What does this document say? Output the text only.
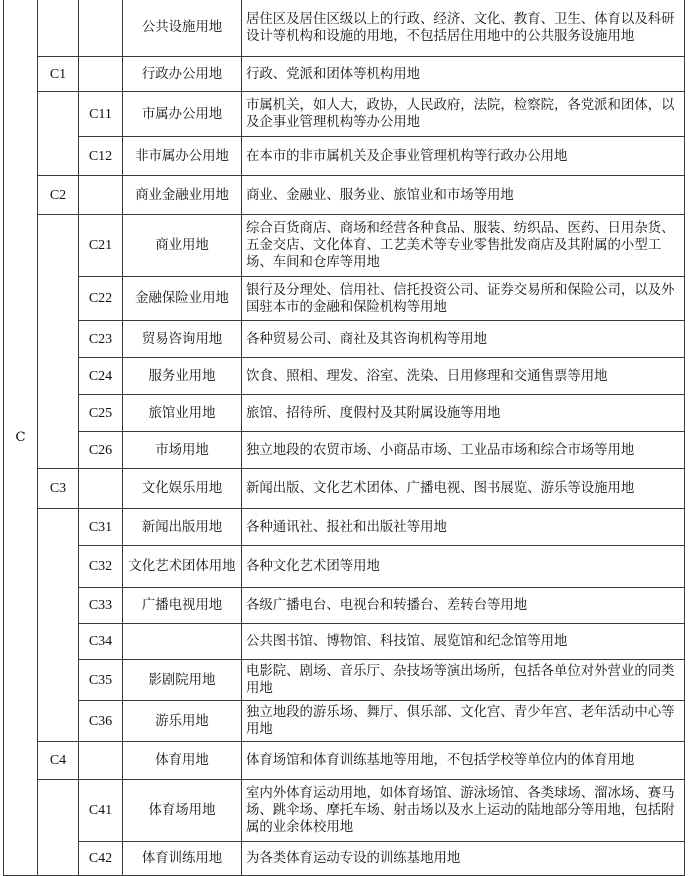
C			公共设施用地	居住区及居住区级以上的行政、经济、文化、教育、卫生、体育以及科研设计等机构和设施的用地，不包括居住用地中的公共服务设施用地
	C1		行政办公用地	行政、党派和团体等机构用地
		C11	市属办公用地	市属机关，如人大，政协，人民政府，法院，检察院，各党派和团体，以及企事业管理机构等办公用地
		C12	非市属办公用地	在本市的非市属机关及企事业管理机构等行政办公用地
	C2		商业金融业用地	商业、金融业、服务业、旅馆业和市场等用地
		C21	商业用地	综合百货商店、商场和经营各种食品、服装、纺织品、医药、日用杂货、五金交店、文化体育、工艺美术等专业零售批发商店及其附属的小型工场、车间和仓库等用地
		C22	金融保险业用地	银行及分理处、信用社、信托投资公司、证券交易所和保险公司，以及外国驻本市的金融和保险机构等用地
		C23	贸易咨询用地	各种贸易公司、商社及其咨询机构等用地
		C24	服务业用地	饮食、照相、理发、浴室、洗染、日用修理和交通售票等用地
		C25	旅馆业用地	旅馆、招待所、度假村及其附属设施等用地
		C26	市场用地	独立地段的农贸市场、小商品市场、工业品市场和综合市场等用地
	C3		文化娱乐用地	新闻出版、文化艺术团体、广播电视、图书展览、游乐等设施用地
		C31	新闻出版用地	各种通讯社、报社和出版社等用地
		C32	文化艺术团体用地	各种文化艺术团等用地
		C33	广播电视用地	各级广播电台、电视台和转播台、差转台等用地
		C34		公共图书馆、博物馆、科技馆、展览馆和纪念馆等用地
		C35	影剧院用地	电影院、剧场、音乐厅、杂技场等演出场所，包括各单位对外营业的同类用地
		C36	游乐用地	独立地段的游乐场、舞厅、俱乐部、文化宫、青少年宫、老年活动中心等用地
	C4		体育用地	体育场馆和体育训练基地等用地，不包括学校等单位内的体育用地
		C41	体育场用地	室内外体育运动用地，如体育场馆、游泳场馆、各类球场、溜冰场、赛马场、跳伞场、摩托车场、射击场以及水上运动的陆地部分等用地，包括附属的业余体校用地
		C42	体育训练用地	为各类体育运动专设的训练基地用地
